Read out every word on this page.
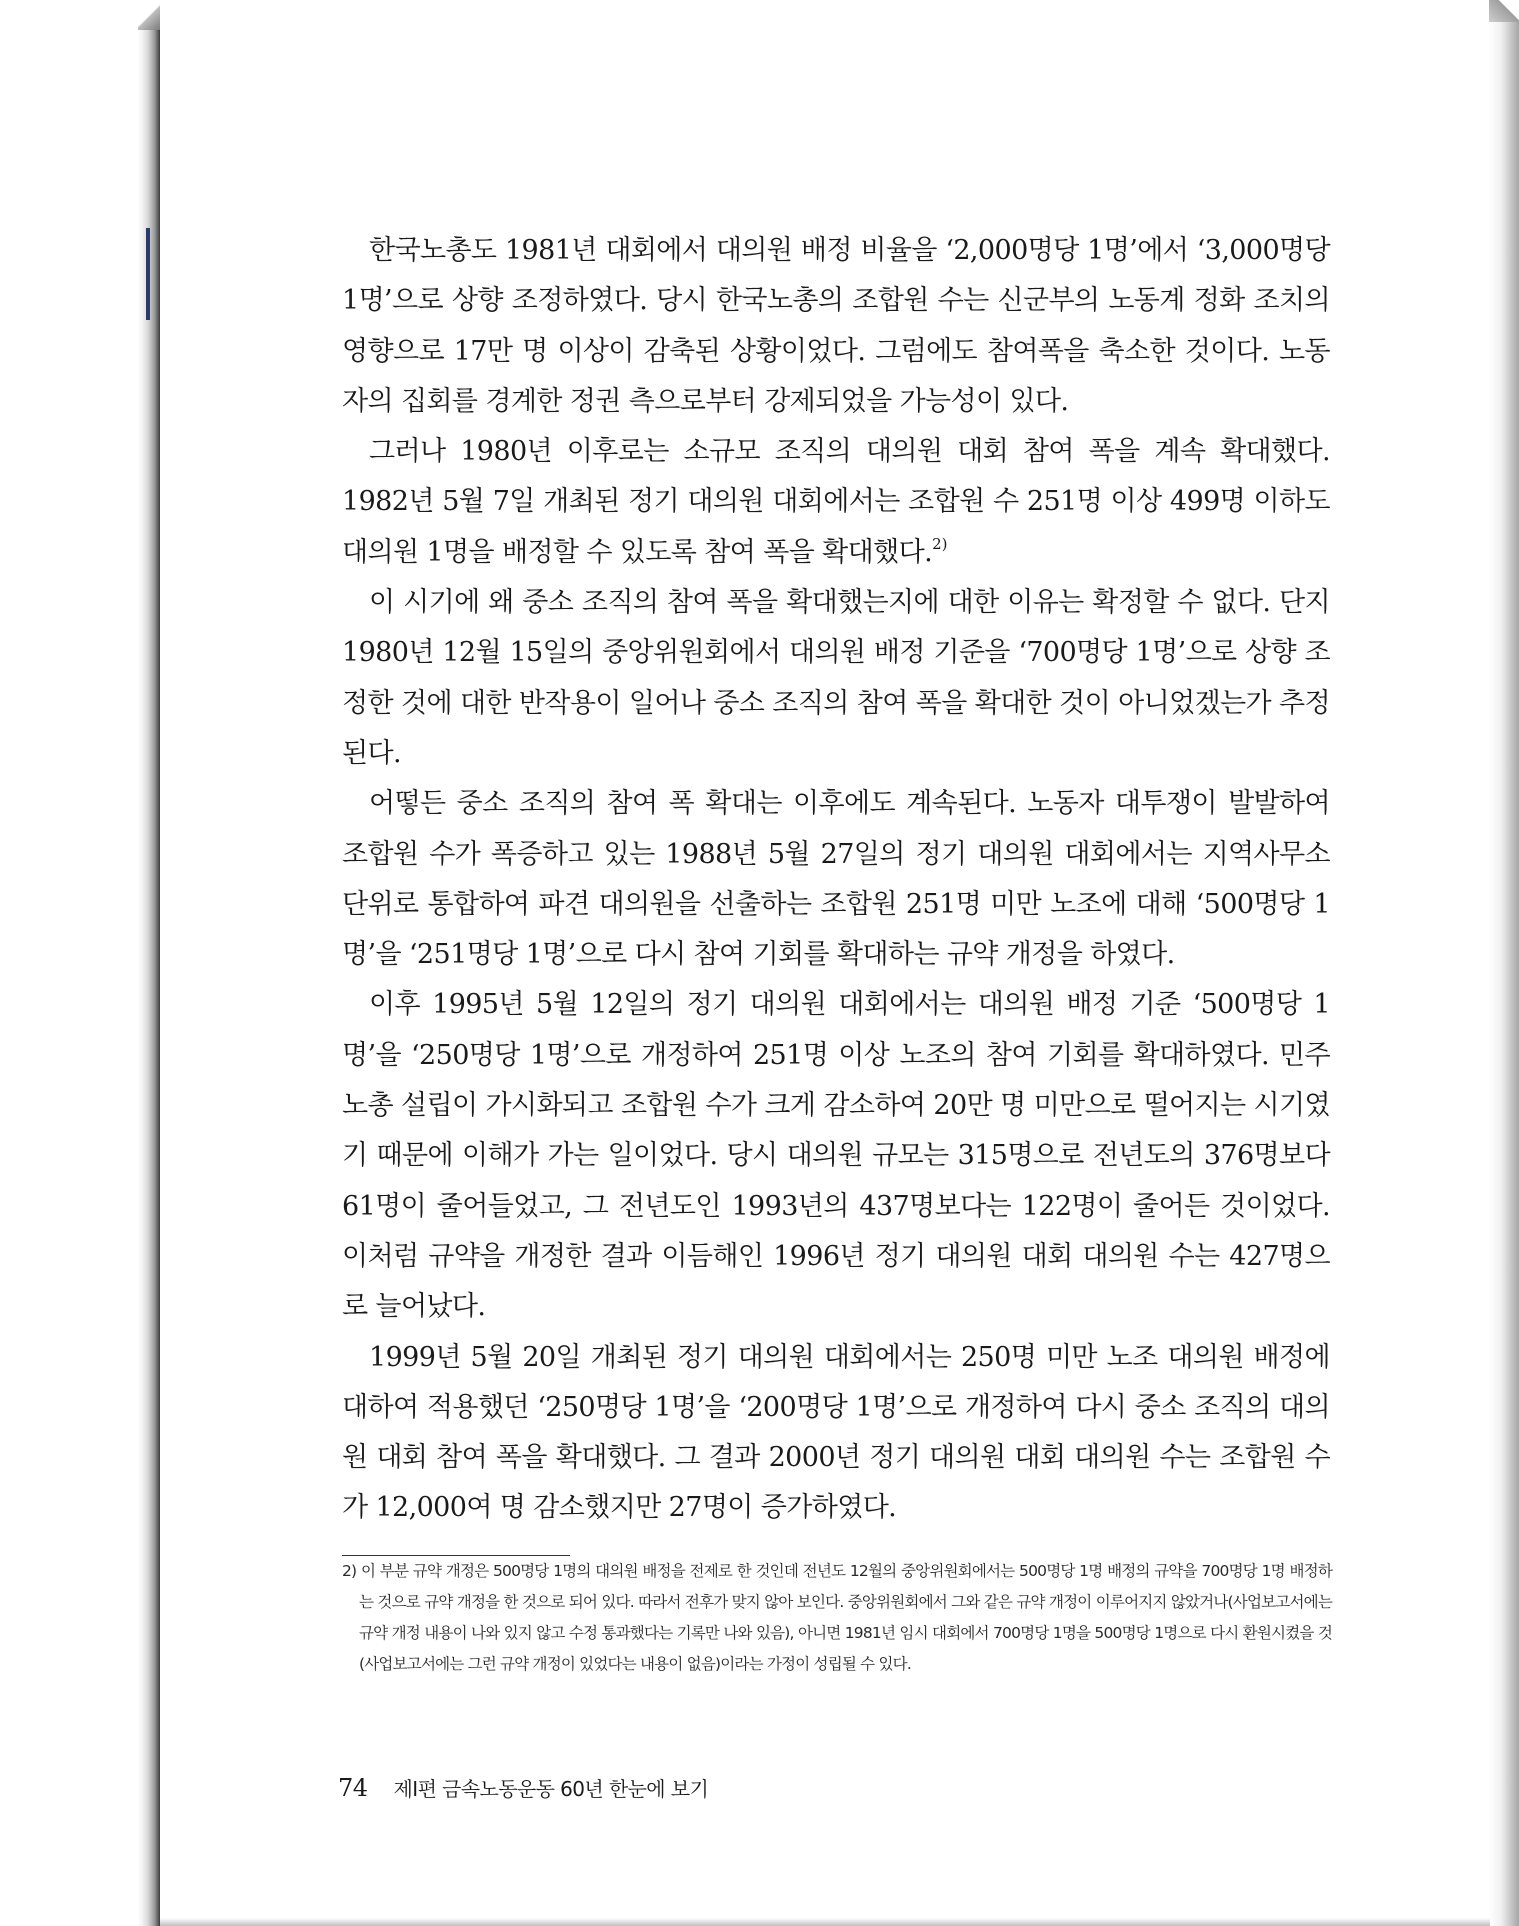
한국노총도 1981년 대회에서 대의원 배정 비율을 ‘2,000명당 1명’에서 ‘3,000명당 1명’으로 상향 조정하였다. 당시 한국노총의 조합원 수는 신군부의 노동계 정화 조치의 영향으로 17만 명 이상이 감축된 상황이었다. 그럼에도 참여폭을 축소한 것이다. 노동자의 집회를 경계한 정권 측으로부터 강제되었을 가능성이 있다.

그러나 1980년 이후로는 소규모 조직의 대의원 대회 참여 폭을 계속 확대했다. 1982년 5월 7일 개최된 정기 대의원 대회에서는 조합원 수 251명 이상 499명 이하도 대의원 1명을 배정할 수 있도록 참여 폭을 확대했다.$^{2)}$

이 시기에 왜 중소 조직의 참여 폭을 확대했는지에 대한 이유는 확정할 수 없다. 단지 1980년 12월 15일의 중앙위원회에서 대의원 배정 기준을 ‘700명당 1명’으로 상향 조정한 것에 대한 반작용이 일어나 중소 조직의 참여 폭을 확대한 것이 아니었겠는가 추정된다.

어떻든 중소 조직의 참여 폭 확대는 이후에도 계속된다. 노동자 대투쟁이 발발하여 조합원 수가 폭증하고 있는 1988년 5월 27일의 정기 대의원 대회에서는 지역사무소 단위로 통합하여 파견 대의원을 선출하는 조합원 251명 미만 노조에 대해 ‘500명당 1명’을 ‘251명당 1명’으로 다시 참여 기회를 확대하는 규약 개정을 하였다.

이후 1995년 5월 12일의 정기 대의원 대회에서는 대의원 배정 기준 ‘500명당 1명’을 ‘250명당 1명’으로 개정하여 251명 이상 노조의 참여 기회를 확대하였다. 민주노총 설립이 가시화되고 조합원 수가 크게 감소하여 20만 명 미만으로 떨어지는 시기였기 때문에 이해가 가는 일이었다. 당시 대의원 규모는 315명으로 전년도의 376명보다 61명이 줄어들었고, 그 전년도인 1993년의 437명보다는 122명이 줄어든 것이었다. 이처럼 규약을 개정한 결과 이듬해인 1996년 정기 대의원 대회 대의원 수는 427명으로 늘어났다.

1999년 5월 20일 개최된 정기 대의원 대회에서는 250명 미만 노조 대의원 배정에 대하여 적용했던 ‘250명당 1명’을 ‘200명당 1명’으로 개정하여 다시 중소 조직의 대의원 대회 참여 폭을 확대했다. 그 결과 2000년 정기 대의원 대회 대의원 수는 조합원 수가 12,000여 명 감소했지만 27명이 증가하였다.

2) 이 부분 규약 개정은 500명당 1명의 대의원 배정을 전제로 한 것인데 전년도 12월의 중앙위원회에서는 500명당 1명 배정의 규약을 700명당 1명 배정하는 것으로 규약 개정을 한 것으로 되어 있다. 따라서 전후가 맞지 않아 보인다. 중앙위원회에서 그와 같은 규약 개정이 이루어지지 않았거나(사업보고서에는 규약 개정 내용이 나와 있지 않고 수정 통과했다는 기록만 나와 있음), 아니면 1981년 임시 대회에서 700명당 1명을 500명당 1명으로 다시 환원시켰을 것(사업보고서에는 그런 규약 개정이 있었다는 내용이 없음)이라는 가정이 성립될 수 있다.
74 제Ⅰ편 금속노동운동 60년 한눈에 보기
